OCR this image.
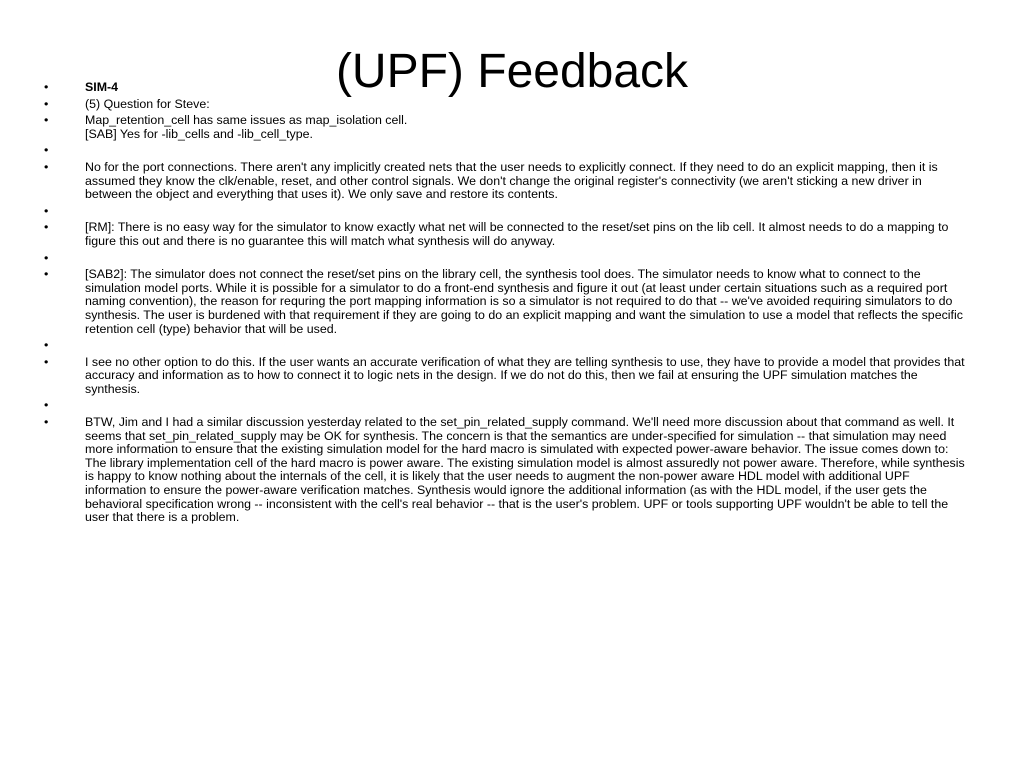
(UPF) Feedback
•	SIM-4
•	(5) Question for Steve:
•	Map_retention_cell has same issues as map_isolation cell.
[SAB] Yes for -lib_cells and -lib_cell_type.
•

•	No for the port connections. There aren't any implicitly created nets that the user needs to explicitly connect. If they need to do an explicit mapping, then it is assumed they know the clk/enable, reset, and other control signals. We don't change the original register's connectivity (we aren't sticking a new driver in between the object and everything that uses it). We only save and restore its contents.
•

•	[RM]: There is no easy way for the simulator to know exactly what net will be connected to the reset/set pins on the lib cell. It almost needs to do a mapping to figure this out and there is no guarantee this will match what synthesis will do anyway.
•

•	[SAB2]: The simulator does not connect the reset/set pins on the library cell, the synthesis tool does. The simulator needs to know what to connect to the simulation model ports. While it is possible for a simulator to do a front-end synthesis and figure it out (at least under certain situations such as a required port naming convention), the reason for requring the port mapping information is so a simulator is not required to do that -- we've avoided requiring simulators to do synthesis. The user is burdened with that requirement if they are going to do an explicit mapping and want the simulation to use a model that reflects the specific retention cell (type) behavior that will be used.
•

•	I see no other option to do this. If the user wants an accurate verification of what they are telling synthesis to use, they have to provide a model that provides that accuracy and information as to how to connect it to logic nets in the design. If we do not do this, then we fail at ensuring the UPF simulation matches the synthesis.
•

•	BTW, Jim and I had a similar discussion yesterday related to the set_pin_related_supply command. We'll need more discussion about that command as well. It seems that set_pin_related_supply may be OK for synthesis. The concern is that the semantics are under-specified for simulation -- that simulation may need more information to ensure that the existing simulation model for the hard macro is simulated with expected power-aware behavior. The issue comes down to: The library implementation cell of the hard macro is power aware. The existing simulation model is almost assuredly not power aware. Therefore, while synthesis is happy to know nothing about the internals of the cell, it is likely that the user needs to augment the non-power aware HDL model with additional UPF information to ensure the power-aware verification matches. Synthesis would ignore the additional information (as with the HDL model, if the user gets the behavioral specification wrong -- inconsistent with the cell's real behavior -- that is the user's problem. UPF or tools supporting UPF wouldn't be able to tell the user that there is a problem.
